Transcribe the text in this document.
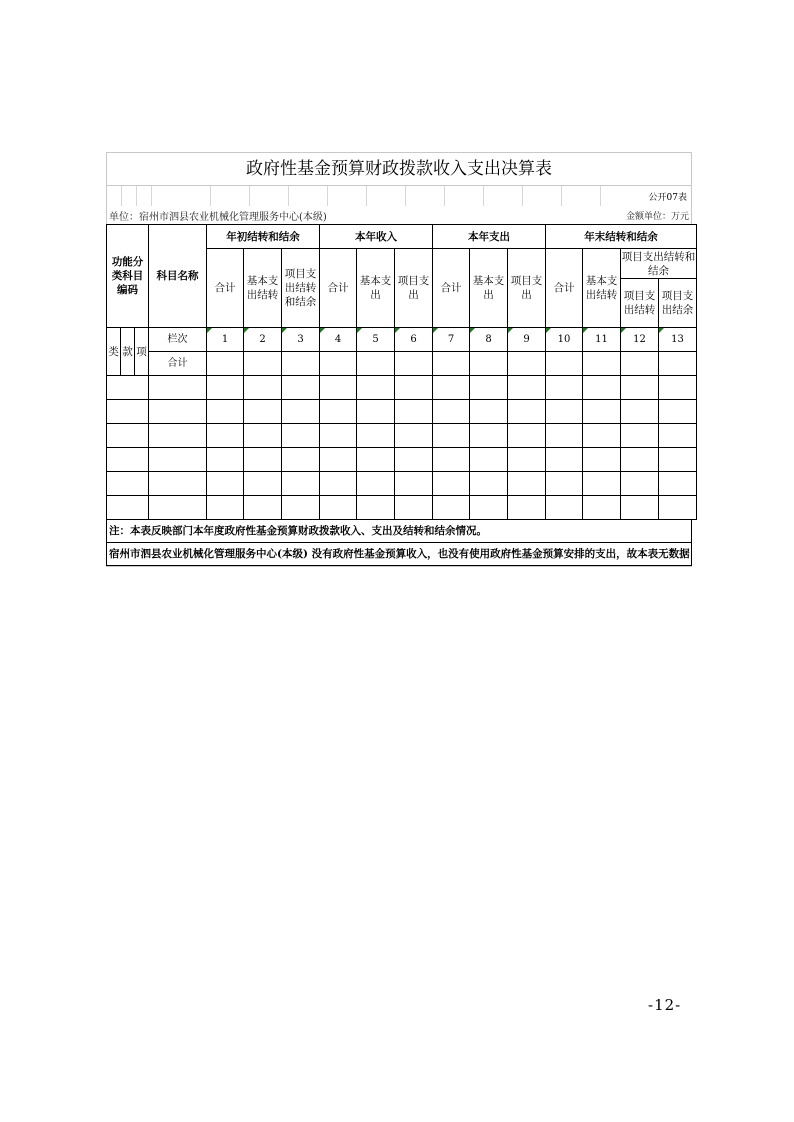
政府性基金预算财政拨款收入支出决算表
公开07表
单位：宿州市泗县农业机械化管理服务中心(本级)	金额单位：万元
功能分类科目编码			科目名称	年初结转和结余			本年收入			本年支出			年末结转和结余			
				合计	基本支出结转	项目支出结转和结余	合计	基本支出	项目支出	合计	基本支出	项目支出	合计	基本支出结转	项目支出结转和结余	
															项目支出结转	项目支出结余
类	款	项	栏次	1	2	3	4	5	6	7	8	9	10	11	12	13
			合计													

注：本表反映部门本年度政府性基金预算财政拨款收入、支出及结转和结余情况。
宿州市泗县农业机械化管理服务中心(本级) 没有政府性基金预算收入，也没有使用政府性基金预算安排的支出，故本表无数据
-12-
